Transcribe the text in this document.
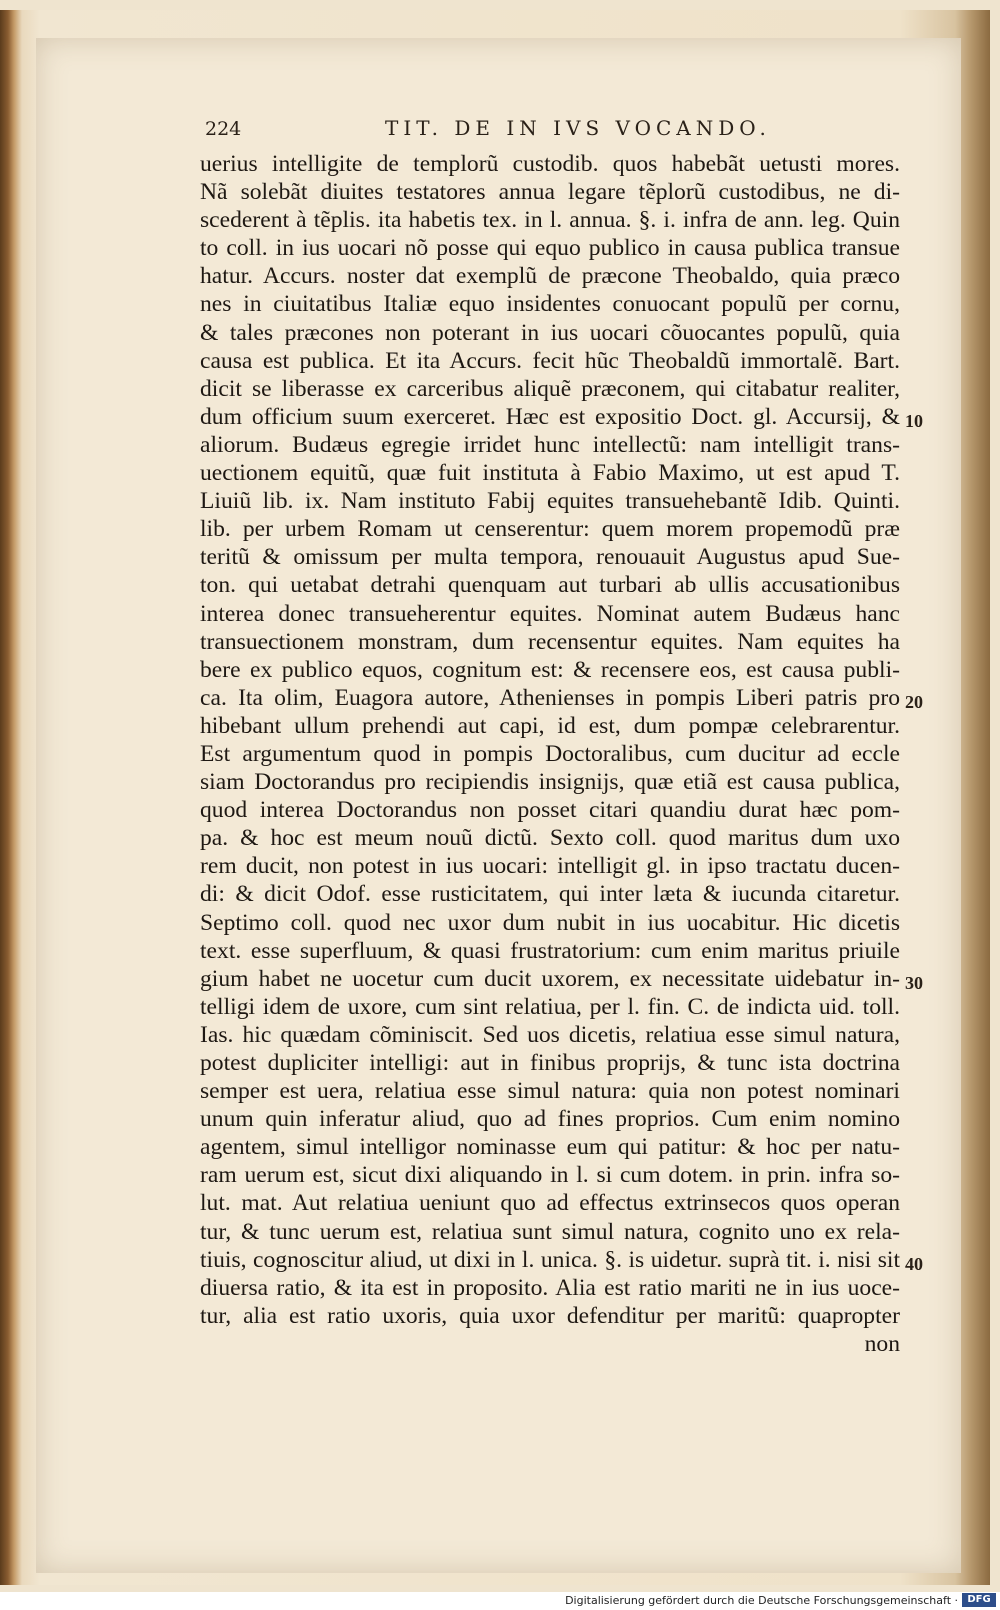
224	TIT. DE IN IVS VOCANDO.
uerius intelligite de templorũ custodib. quos habebãt uetusti mores.
Nã solebãt diuites testatores annua legare tẽplorũ custodibus, ne di-
scederent à tẽplis. ita habetis tex. in l. annua. §. i. infra de ann. leg. Quin
to coll. in ius uocari nõ posse qui equo publico in causa publica transue
hatur. Accurs. noster dat exemplũ de præcone Theobaldo, quia præco
nes in ciuitatibus Italiæ equo insidentes conuocant populũ per cornu,
& tales præcones non poterant in ius uocari cõuocantes populũ, quia
causa est publica. Et ita Accurs. fecit hũc Theobaldũ immortalẽ. Bart.
dicit se liberasse ex carceribus aliquẽ præconem, qui citabatur realiter,
dum officium suum exerceret. Hæc est expositio Doct. gl. Accursij, &
aliorum. Budæus egregie irridet hunc intellectũ: nam intelligit trans-
uectionem equitũ, quæ fuit instituta à Fabio Maximo, ut est apud T.
Liuiũ lib. ix. Nam instituto Fabij equites transuehebantẽ Idib. Quinti.
lib. per urbem Romam ut censerentur: quem morem propemodũ præ
teritũ & omissum per multa tempora, renouauit Augustus apud Sue-
ton. qui uetabat detrahi quenquam aut turbari ab ullis accusationibus
interea donec transueherentur equites. Nominat autem Budæus hanc
transuectionem monstram, dum recensentur equites. Nam equites ha
bere ex publico equos, cognitum est: & recensere eos, est causa publi-
ca. Ita olim, Euagora autore, Athenienses in pompis Liberi patris pro
hibebant ullum prehendi aut capi, id est, dum pompæ celebrarentur.
Est argumentum quod in pompis Doctoralibus, cum ducitur ad eccle
siam Doctorandus pro recipiendis insignijs, quæ etiã est causa publica,
quod interea Doctorandus non posset citari quandiu durat hæc pom-
pa. & hoc est meum nouũ dictũ. Sexto coll. quod maritus dum uxo
rem ducit, non potest in ius uocari: intelligit gl. in ipso tractatu ducen-
di: & dicit Odof. esse rusticitatem, qui inter læta & iucunda citaretur.
Septimo coll. quod nec uxor dum nubit in ius uocabitur. Hic dicetis
text. esse superfluum, & quasi frustratorium: cum enim maritus priuile
gium habet ne uocetur cum ducit uxorem, ex necessitate uidebatur in-
telligi idem de uxore, cum sint relatiua, per l. fin. C. de indicta uid. toll.
Ias. hic quædam cõminiscit. Sed uos dicetis, relatiua esse simul natura,
potest dupliciter intelligi: aut in finibus proprijs, & tunc ista doctrina
semper est uera, relatiua esse simul natura: quia non potest nominari
unum quin inferatur aliud, quo ad fines proprios. Cum enim nomino
agentem, simul intelligor nominasse eum qui patitur: & hoc per natu-
ram uerum est, sicut dixi aliquando in l. si cum dotem. in prin. infra so-
lut. mat. Aut relatiua ueniunt quo ad effectus extrinsecos quos operan
tur, & tunc uerum est, relatiua sunt simul natura, cognito uno ex rela-
tiuis, cognoscitur aliud, ut dixi in l. unica. §. is uidetur. suprà tit. i. nisi sit
diuersa ratio, & ita est in proposito. Alia est ratio mariti ne in ius uoce-
tur, alia est ratio uxoris, quia uxor defenditur per maritũ: quapropter
non
10
20
30
40
Digitalisierung gefördert durch die Deutsche Forschungsgemeinschaft · DFG
